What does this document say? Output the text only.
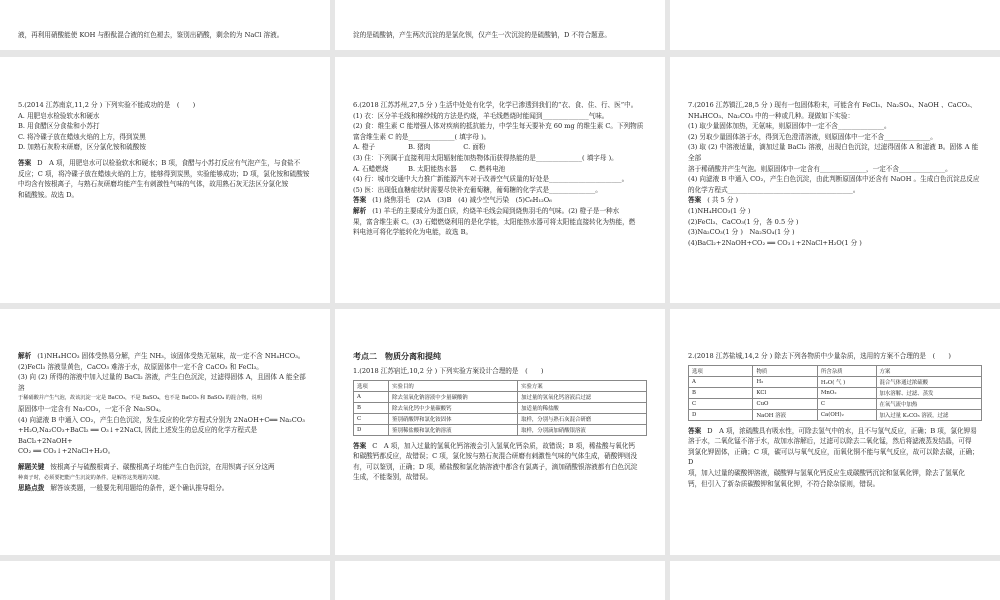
液，再利用硝酸能使 KOH 与酚酞混合液的红色褪去，鉴别出硝酸，剩余的为 NaCl 溶液。	淀的是硫酸钠，产生两次沉淀的是氯化钡，仅产生一次沉淀的是硫酸钠，D 不符合题意。

5.(2014 江苏南京,11,2 分 ) 下列实验不能成功的是　(　　)

A. 用肥皂水检验软水和硬水

B. 用食醋区分食盐和小苏打

C. 将冷碟子放在蜡烛火焰的上方，得到炭黑

D. 加熟石灰粉末研磨，区分氯化铵和硫酸铵

答案 D　A 项，用肥皂水可以检验软水和硬水；B 项，食醋与小苏打反应有气泡产生，与食盐不

反应；C 项，将冷碟子放在蜡烛火焰的上方，能够得到炭黑，实验能够成功；D 项，氯化铵和硫酸铵

中均含有铵根离子，与熟石灰研磨均能产生有刺激性气味的气体，故用熟石灰无法区分氯化铵

和硫酸铵。故选 D。

6.(2018 江苏苏州,27,5 分 ) 生活中处处有化学，化学已渗透到我们的“衣、食、住、行、医”中。

(1) 衣：区分羊毛线和棉纱线的方法是灼烧，羊毛线燃烧时能闻到______________气味。

(2) 食：维生素 C 能增强人体对疾病的抵抗能力，中学生每天要补充 60 mg 的维生素 C。下列物质

富含维生素 C 的是______________( 填字母 )。

A. 橙子　　　　　B. 猪肉　　　　　C. 面粉

(3) 住：下列属于直接利用太阳辐射能加热物体而获得热能的是______________( 填字母 )。

A. 石蜡燃烧　　　B. 太阳能热水器　　C. 燃料电池

(4) 行：城市交通中大力推广新能源汽车对于改善空气质量的好处是______________________。

(5) 医：出现低血糖症状时需要尽快补充葡萄糖，葡萄糖的化学式是______________。

答案 (1) 烧焦羽毛　(2)A　(3)B　(4) 减少空气污染　(5)C₆H₁₂O₆

解析 (1) 羊毛的主要成分为蛋白质，灼烧羊毛线会闻到烧焦羽毛的气味。(2) 橙子是一种水

果，富含维生素 C。(3) 石蜡燃烧利用的是化学能，太阳能热水器可将太阳能直接转化为热能，燃

料电池可将化学能转化为电能，故选 B。

7.(2016 江苏镇江,28,5 分 ) 现有一包固体粉末，可能含有 FeCl₃、Na₂SO₄、NaOH 、CaCO₃、

NH₄HCO₃、Na₂CO₃ 中的一种或几种。现做如下实验：

(1) 取少量固体加热，无氨味，则原固体中一定不含______________。

(2) 另取少量固体溶于水，得到无色澄清溶液，则原固体中一定不含______________。

(3) 取 (2) 中溶液适量，滴加过量 BaCl₂ 溶液，出现白色沉淀，过滤得固体 A 和滤液 B。固体 A 能全部

溶于稀硝酸并产生气泡。则原固体中一定含有______________，一定不含______________。

(4) 向滤液 B 中通入 CO₂，产生白色沉淀，由此判断原固体中还含有 NaOH 。生成白色沉淀总反应

的化学方程式______________________________________。

答案 ( 共 5 分 )

(1)NH₄HCO₃(1 分 )

(2)FeCl₃、CaCO₃(1 分，各 0.5 分 )

(3)Na₂CO₃(1 分 )　Na₂SO₄(1 分 )

(4)BaCl₂+2NaOH+CO₂ ══ CO₃↓+2NaCl+H₂O(1 分 )

解析 (1)NH₄HCO₃ 固体受热易分解，产生 NH₃，该固体受热无氨味，故一定不含 NH₄HCO₃。

(2)FeCl₃ 溶液显黄色，CaCO₃ 难溶于水，故原固体中一定不含 CaCO₃ 和 FeCl₃。

(3) 向 (2) 所得的溶液中加入过量的 BaCl₂ 溶液，产生白色沉淀，过滤得固体 A，且固体 A 能全部溶

于稀硝酸并产生气泡，故该沉淀一定是 BaCO₃，不是 BaSO₄，也不是 BaCO₃ 和 BaSO₄ 的混合物，说明

原固体中一定含有 Na₂CO₃，一定不含 Na₂SO₄。

(4) 向滤液 B 中通入 CO₂，产生白色沉淀，发生反应的化学方程式分别为 2NaOH+C══ Na₂CO₃

+H₂O,Na₂CO₃+BaCl₂ ══ O₃↓+2NaCl, 因此上述发生的总反应的化学方程式是 BaCl₂+2NaOH+

CO₂ ══ CO₃↓+2NaCl+H₂O。

解题关键 铵根离子与硫酸根离子、碳酸根离子均能产生白色沉淀，在用钡离子区分这两

种离子时，必须要把能产生沉淀的条件，是解答这类题的关键。

思路点拨 解答该类题，一般要先利用题给的条件，逐个确认推导组分。

考点二　物质分离和提纯

1.(2018 江苏宿迁,10,2 分 ) 下列实验方案设计合理的是　(　　)

选项	实验目的	实验方案
A	除去氢氧化钠溶液中少量碳酸钠	加过量的氢氧化钙溶液后过滤
B	除去氧化钙中少量碳酸钙	加适量的稀盐酸
C	鉴别硝酸钾和氯化铵固体	取样，分别与熟石灰混合研磨
D	鉴别稀盐酸和氯化钠溶液	取样，分别滴加硝酸银溶液

答案 C　A 项，加入过量的氢氧化钙溶液会引入氢氧化钙杂质，故错误；B 项，稀盐酸与氧化钙

和碳酸钙都反应，故错误；C 项，氯化铵与熟石灰混合研磨有刺激性气味的气体生成，硝酸钾则没

有，可以鉴别，正确；D 项，稀盐酸和氯化钠溶液中都含有氯离子，滴加硝酸银溶液都有白色沉淀

生成，不能鉴别，故错误。

2.(2018 江苏盐城,14,2 分 ) 除去下列各物质中少量杂质，选用的方案不合理的是　(　　)

选项	物质	所含杂质	方案
A	H₂	H₂O( 气 )	混合气体通过浓硫酸
B	KCl	MnO₂	加水溶解、过滤、蒸发
C	CuO	C	在氧气流中加热
D	NaOH 溶液	Ca(OH)₂	加入过量 K₂CO₃ 溶液，过滤

答案 D　A 项，浓硫酸具有吸水性，可除去氢气中的水，且不与氢气反应，正确；B 项，氯化钾易

溶于水，二氧化锰不溶于水，故加水溶解后，过滤可以除去二氧化锰，然后将滤液蒸发结晶，可得

到氯化钾固体，正确；C 项，碳可以与氧气反应，而氧化铜不能与氧气反应，故可以除去碳，正确；D

项，加入过量的碳酸钾溶液，碳酸钾与氢氧化钙反应生成碳酸钙沉淀和氢氧化钾，除去了氢氧化

钙，但引入了新杂质碳酸钾和氢氧化钾，不符合除杂原则，错误。
